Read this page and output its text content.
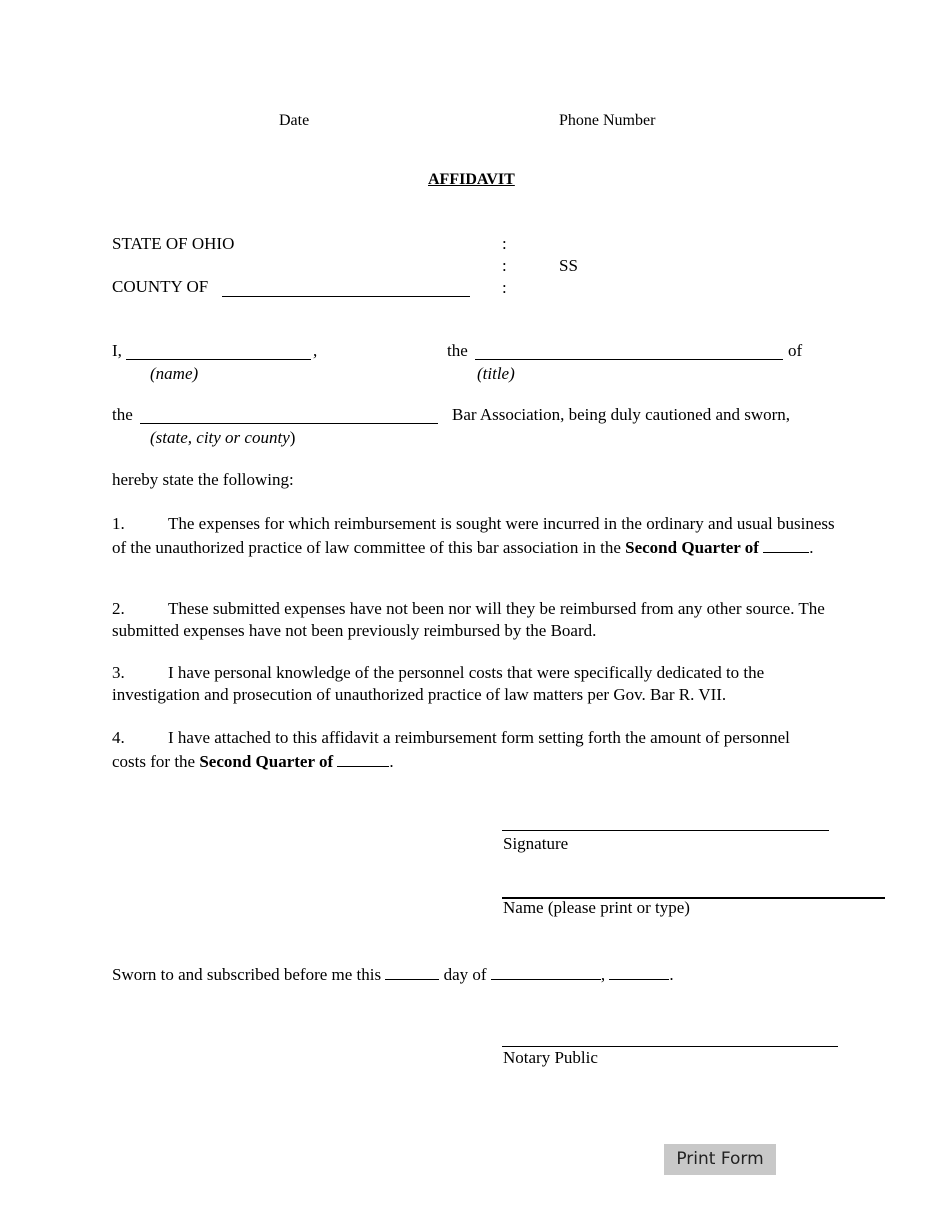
Date	Phone Number
AFFIDAVIT
STATE OF OHIO	:
:	SS
COUNTY OF	:
I,	,	the	of
(name)	(title)
the	Bar Association, being duly cautioned and sworn,
(state, city or county)
hereby state the following:
1.	The expenses for which reimbursement is sought were incurred in the ordinary and usual business of the unauthorized practice of law committee of this bar association in the Second Quarter of	.
2.	These submitted expenses have not been nor will they be reimbursed from any other source. The submitted expenses have not been previously reimbursed by the Board.
3.	I have personal knowledge of the personnel costs that were specifically dedicated to the investigation and prosecution of unauthorized practice of law matters per Gov. Bar R. VII.
4.	I have attached to this affidavit a reimbursement form setting forth the amount of personnel costs for the Second Quarter of	.
Signature
Name (please print or type)
Sworn to and subscribed before me this	day of	,	.
Notary Public
Print Form
